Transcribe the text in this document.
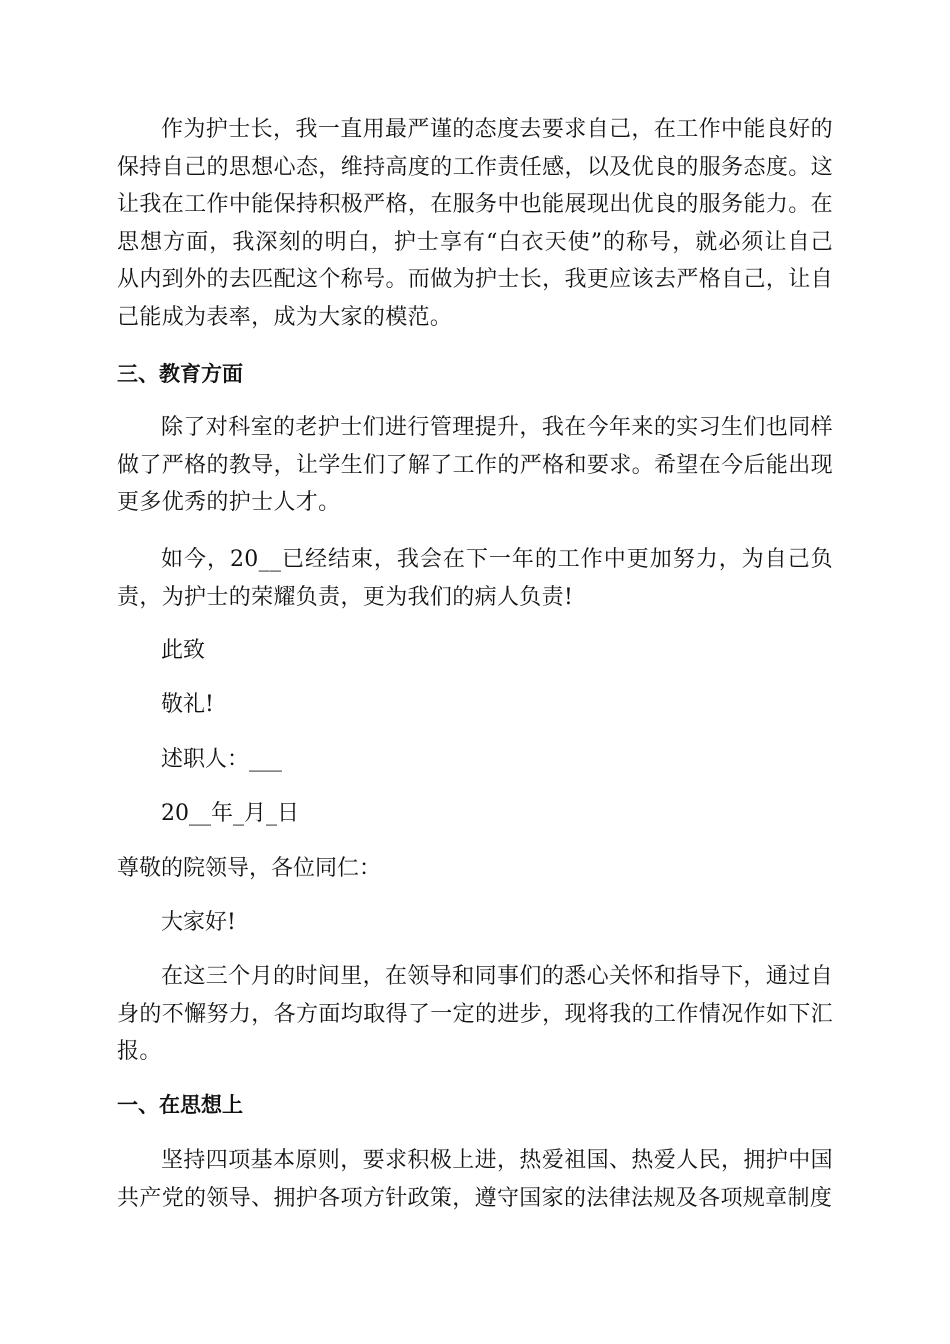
作为护士长，我一直用最严谨的态度去要求自己，在工作中能良好的保持自己的思想心态，维持高度的工作责任感，以及优良的服务态度。这让我在工作中能保持积极严格，在服务中也能展现出优良的服务能力。在思想方面，我深刻的明白，护士享有“白衣天使”的称号，就必须让自己从内到外的去匹配这个称号。而做为护士长，我更应该去严格自己，让自己能成为表率，成为大家的模范。

三、教育方面

除了对科室的老护士们进行管理提升，我在今年来的实习生们也同样做了严格的教导，让学生们了解了工作的严格和要求。希望在今后能出现更多优秀的护士人才。

如今，20__已经结束，我会在下一年的工作中更加努力，为自己负责，为护士的荣耀负责，更为我们的病人负责!

此致

敬礼!

述职人：___

20__年_月_日

尊敬的院领导，各位同仁：

大家好!

在这三个月的时间里，在领导和同事们的悉心关怀和指导下，通过自身的不懈努力，各方面均取得了一定的进步，现将我的工作情况作如下汇报。

一、在思想上

坚持四项基本原则，要求积极上进，热爱祖国、热爱人民，拥护中国共产党的领导、拥护各项方针政策，遵守国家的法律法规及各项规章制度
